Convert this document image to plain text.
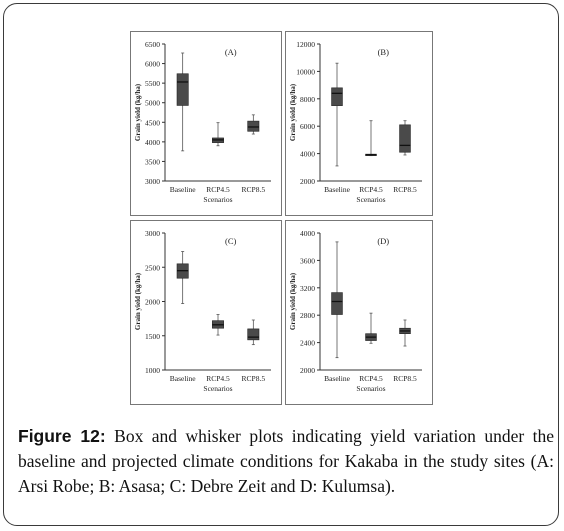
3000
3500
4000
4500
5000
5500
6000
6500
Grain yield (kg/ha)
(A)
Baseline RCP4.5 RCP8.5
Scenarios
2000
4000
6000
8000
10000
12000
Grain yield (kg/ha)
(B)
Baseline RCP4.5 RCP8.5
Scenarios
1000
1500
2000
2500
3000
Grain yield (kg/ha)
(C)
Baseline RCP4.5 RCP8.5
Scenarios
2000
2400
2800
3200
3600
4000
Grain yield (kg/ha)
(D)
Baseline RCP4.5 RCP8.5
Scenarios
Figure 12: Box and whisker plots indicating yield variation under the baseline and projected climate conditions for Kakaba in the study sites (A: Arsi Robe; B: Asasa; C: Debre Zeit and D: Kulumsa).
